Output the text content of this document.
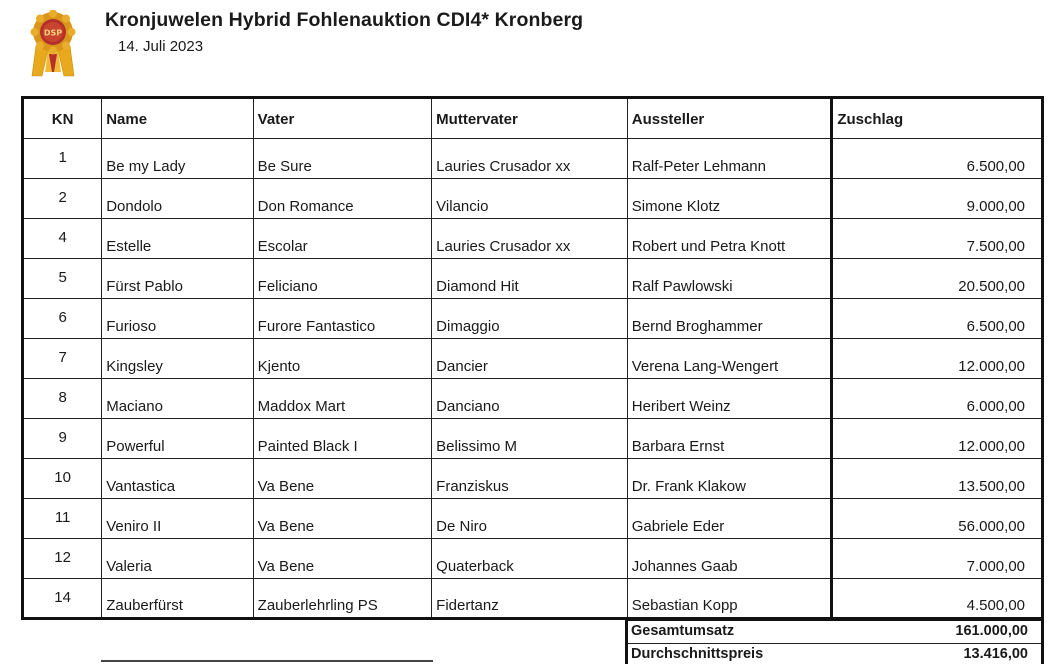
DSP
Kronjuwelen Hybrid Fohlenauktion CDI4* Kronberg
14. Juli 2023
KN	Name	Vater	Muttervater	Aussteller	Zuschlag
1	Be my Lady	Be Sure	Lauries Crusador xx	Ralf-Peter Lehmann	6.500,00
2	Dondolo	Don Romance	Vilancio	Simone Klotz	9.000,00
4	Estelle	Escolar	Lauries Crusador xx	Robert und Petra Knott	7.500,00
5	Fürst Pablo	Feliciano	Diamond Hit	Ralf Pawlowski	20.500,00
6	Furioso	Furore Fantastico	Dimaggio	Bernd Broghammer	6.500,00
7	Kingsley	Kjento	Dancier	Verena Lang-Wengert	12.000,00
8	Maciano	Maddox Mart	Danciano	Heribert Weinz	6.000,00
9	Powerful	Painted Black I	Belissimo M	Barbara Ernst	12.000,00
10	Vantastica	Va Bene	Franziskus	Dr. Frank Klakow	13.500,00
11	Veniro II	Va Bene	De Niro	Gabriele Eder	56.000,00
12	Valeria	Va Bene	Quaterback	Johannes Gaab	7.000,00
14	Zauberfürst	Zauberlehrling PS	Fidertanz	Sebastian Kopp	4.500,00
Gesamtumsatz	161.000,00
Durchschnittspreis	13.416,00
